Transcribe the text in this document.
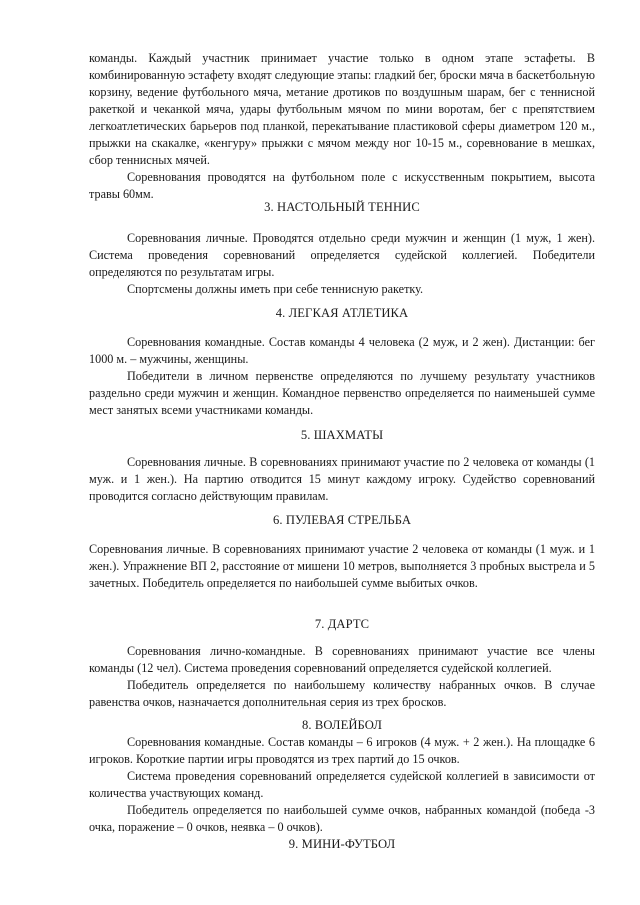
команды. Каждый участник принимает участие только в одном этапе эстафеты. В комбинированную эстафету входят следующие этапы: гладкий бег, броски мяча в баскетбольную корзину, ведение футбольного мяча, метание дротиков по воздушным шарам, бег с теннисной ракеткой и чеканкой мяча, удары футбольным мячом по мини воротам, бег с препятствием легкоатлетических барьеров под планкой, перекатывание пластиковой сферы диаметром 120 м., прыжки на скакалке, «кенгуру» прыжки с мячом между ног 10-15 м., соревнование в мешках, сбор теннисных мячей.

Соревнования проводятся на футбольном поле с искусственным покрытием, высота травы 60мм.

3. НАСТОЛЬНЫЙ ТЕННИС

Соревнования личные. Проводятся отдельно среди мужчин и женщин (1 муж, 1 жен). Система проведения соревнований определяется судейской коллегией. Победители определяются по результатам игры.

Спортсмены должны иметь при себе теннисную ракетку.

4. ЛЕГКАЯ АТЛЕТИКА

Соревнования командные. Состав команды 4 человека (2 муж, и 2 жен). Дистанции: бег 1000 м. – мужчины, женщины.

Победители в личном первенстве определяются по лучшему результату участников раздельно среди мужчин и женщин. Командное первенство определяется по наименьшей сумме мест занятых всеми участниками команды.

5. ШАХМАТЫ

Соревнования личные. В соревнованиях принимают участие по 2 человека от команды (1 муж. и 1 жен.). На партию отводится 15 минут каждому игроку. Судейство соревнований проводится согласно действующим правилам.

6. ПУЛЕВАЯ СТРЕЛЬБА

Соревнования личные. В соревнованиях принимают участие 2 человека от команды (1 муж. и 1 жен.). Упражнение ВП 2, расстояние от мишени 10 метров, выполняется 3 пробных выстрела и 5 зачетных. Победитель определяется по наибольшей сумме выбитых очков.

7. ДАРТС

Соревнования лично-командные. В соревнованиях принимают участие все члены команды (12 чел). Система проведения соревнований определяется судейской коллегией.

Победитель определяется по наибольшему количеству набранных очков. В случае равенства очков, назначается дополнительная серия из трех бросков.

8. ВОЛЕЙБОЛ

Соревнования командные. Состав команды – 6 игроков (4 муж. + 2 жен.). На площадке 6 игроков. Короткие партии игры проводятся из трех партий до 15 очков.

Система проведения соревнований определяется судейской коллегией в зависимости от количества участвующих команд.

Победитель определяется по наибольшей сумме очков, набранных командой (победа -3 очка, поражение – 0 очков, неявка – 0 очков).

9. МИНИ-ФУТБОЛ
